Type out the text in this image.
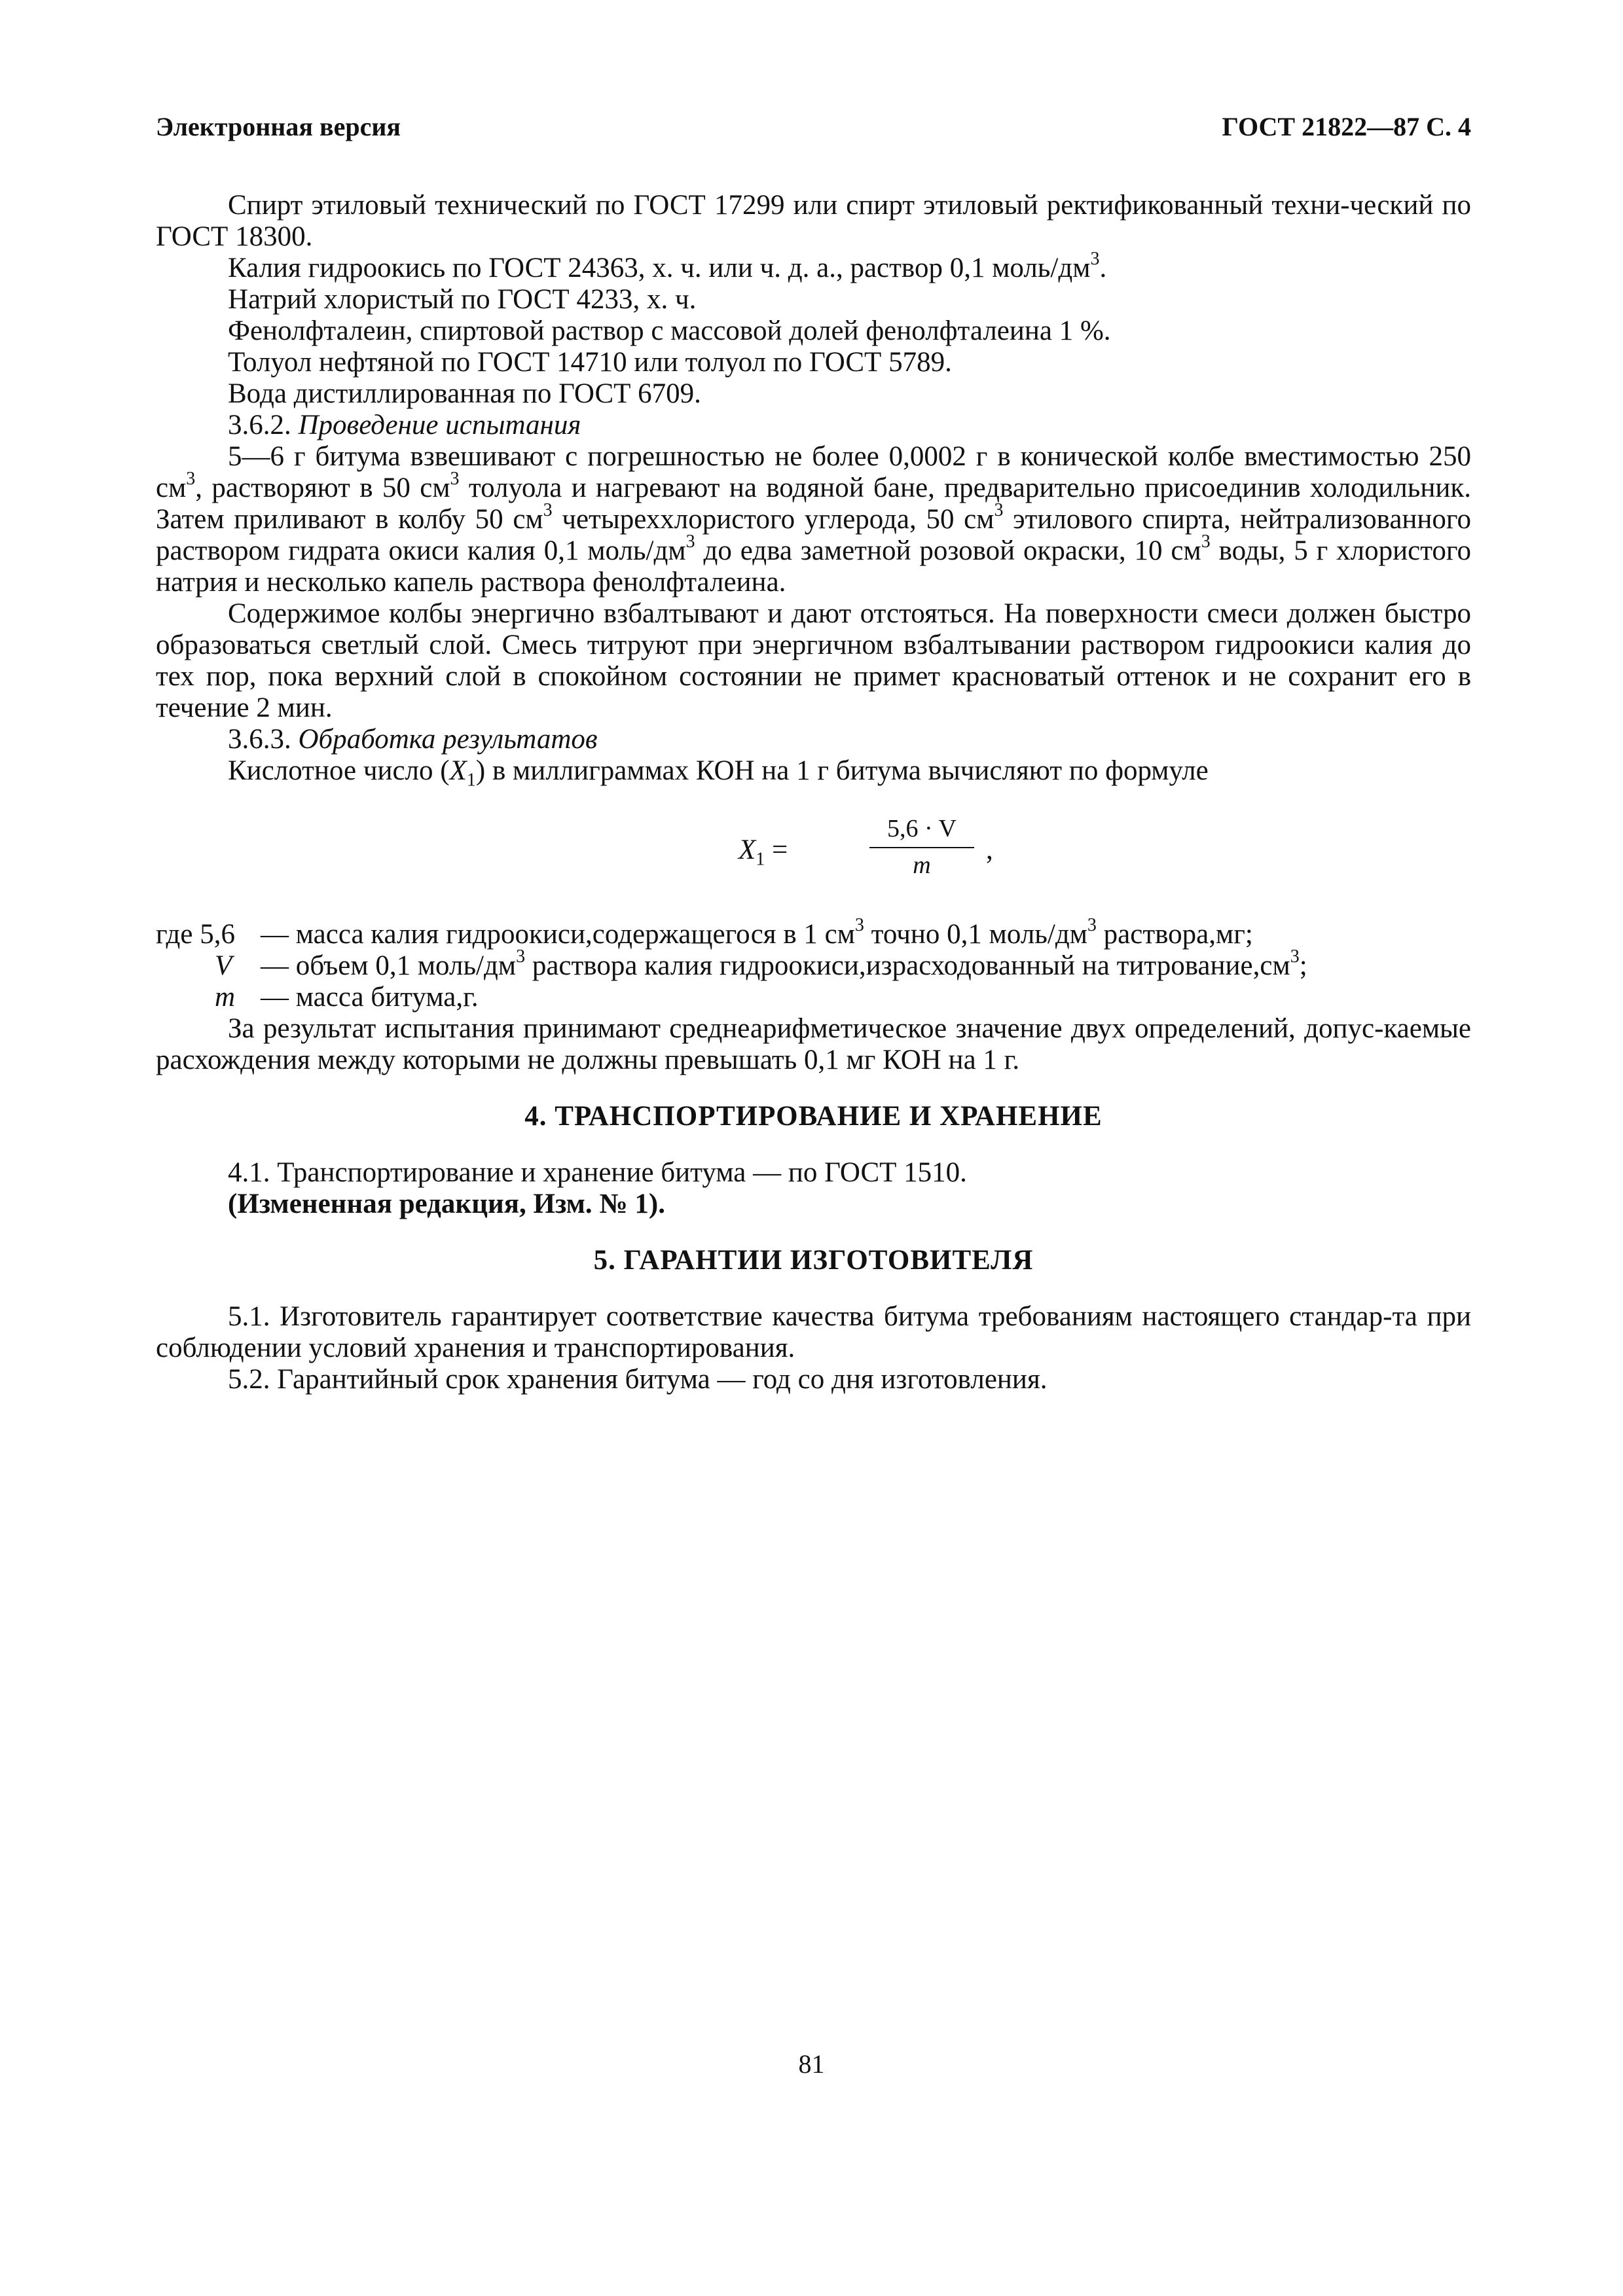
Электронная версия	ГОСТ 21822—87 С. 4

Спирт этиловый технический по ГОСТ 17299 или спирт этиловый ректификованный техни-ческий по ГОСТ 18300.

Калия гидроокись по ГОСТ 24363, х. ч. или ч. д. а., раствор 0,1 моль/$дм^3$.

Натрий хлористый по ГОСТ 4233, х. ч.

Фенолфталеин, спиртовой раствор с массовой долей фенолфталеина 1 %.

Толуол нефтяной по ГОСТ 14710 или толуол по ГОСТ 5789.

Вода дистиллированная по ГОСТ 6709.

3.6.2. Проведение испытания

5—6 г битума взвешивают с погрешностью не более 0,0002 г в конической колбе вместимостью 250 $см^3$, растворяют в 50 $см^3$ толуола и нагревают на водяной бане, предварительно присоединив холодильник. Затем приливают в колбу 50 $см^3$ четыреххлористого углерода, 50 $см^3$ этилового спирта, нейтрализованного раствором гидрата окиси калия 0,1 моль/$дм^3$ до едва заметной розовой окраски, 10 $см^3$ воды, 5 г хлористого натрия и несколько капель раствора фенолфталеина.

Содержимое колбы энергично взбалтывают и дают отстояться. На поверхности смеси должен быстро образоваться светлый слой. Смесь титруют при энергичном взбалтывании раствором гидроокиси калия до тех пор, пока верхний слой в спокойном состоянии не примет красноватый оттенок и не сохранит его в течение 2 мин.

3.6.3. Обработка результатов

Кислотное число $(X_1)$ в миллиграммах КОН на 1 г битума вычисляют по формуле

$X_1$ =
5,6 · V
m	,
где 5,6 — масса калия гидроокиси,содержащегося в 1 $см^3$ точно 0,1 моль/$дм^3$ раствора,мг;
V	— объем 0,1 моль/$дм^3$ раствора калия гидроокиси,израсходованный на $титрование,см^3$;
m — масса битума,г.

За результат испытания принимают среднеарифметическое значение двух определений, допус-каемые расхождения между которыми не должны превышать 0,1 мг КОН на 1 г.

4. ТРАНСПОРТИРОВАНИЕ И ХРАНЕНИЕ

4.1. Транспортирование и хранение битума — по ГОСТ 1510.

(Измененная редакция, Изм. № 1).

5. ГАРАНТИИ ИЗГОТОВИТЕЛЯ

5.1. Изготовитель гарантирует соответствие качества битума требованиям настоящего стандар-та при соблюдении условий хранения и транспортирования.

5.2. Гарантийный срок хранения битума — год со дня изготовления.

81
